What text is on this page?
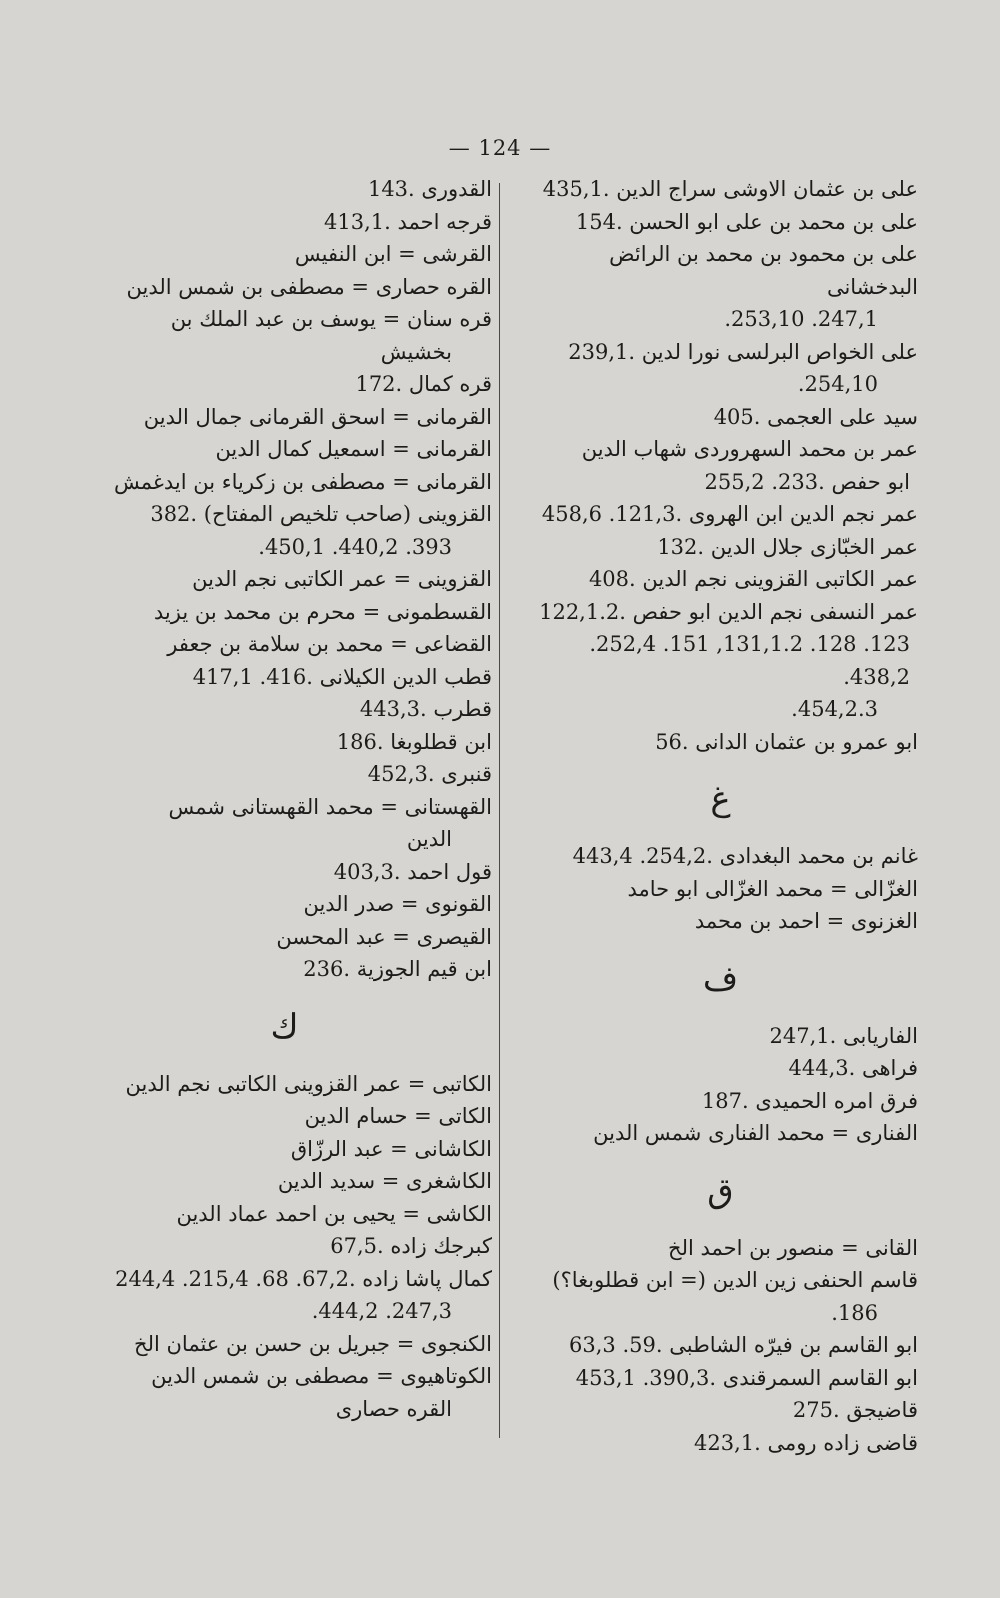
— 124 —
على بن عثمان الاوشى سراج الدين .435,1
على بن محمد بن على ابو الحسن .154
على بن محمود بن محمد بن الرائض البدخشانى
247,1. 253,10.
على الخواص البرلسى نورا لدين .239,1
254,10.
سيد على العجمى .405
عمر بن محمد السهروردى شهاب الدين
ابو حفص .233. 255,2
عمر نجم الدين ابن الهروى .121,3. 458,6
عمر الخبّازى جلال الدين .132
عمر الكاتبى القزوينى نجم الدين .408
عمر النسفى نجم الدين ابو حفص .122,1.2
123. 128. 131,1.2, 151. 252,4. 438,2.
454,2.3.
ابو عمرو بن عثمان الدانى .56
غ
غانم بن محمد البغدادى .254,2. 443,4
الغزّالى = محمد الغزّالى ابو حامد
الغزنوى = احمد بن محمد
ف
الفاريابى .247,1
فراهى .444,3
فرق امره الحميدى .187
الفنارى = محمد الفنارى شمس الدين
ق
القانى = منصور بن احمد الخ
قاسم الحنفى زين الدين (= ابن قطلوبغا؟)
186.
ابو القاسم بن فيرّه الشاطبى .59. 63,3
ابو القاسم السمرقندى .390,3. 453,1
قاضيجق .275
قاضى زاده رومى .423,1
القدورى .143
قرجه احمد .413,1
القرشى = ابن النفيس
القره حصارى = مصطفى بن شمس الدين
قره سنان = يوسف بن عبد الملك بن
بخشيش
قره كمال .172
القرمانى = اسحق القرمانى جمال الدين
القرمانى = اسمعيل كمال الدين
القرمانى = مصطفى بن زكرياء بن ايدغمش
القزوينى (صاحب تلخيص المفتاح) .382
393. 440,2. 450,1.
القزوينى = عمر الكاتبى نجم الدين
القسطمونى = محرم بن محمد بن يزيد
القضاعى = محمد بن سلامة بن جعفر
قطب الدين الكيلانى .416. 417,1
قطرب .443,3
ابن قطلوبغا .186
قنبرى .452,3
القهستانى = محمد القهستانى شمس
الدين
قول احمد .403,3
القونوى = صدر الدين
القيصرى = عبد المحسن
ابن قيم الجوزية .236
ك
الكاتبى = عمر القزوينى الكاتبى نجم الدين
الكاتى = حسام الدين
الكاشانى = عبد الرزّاق
الكاشغرى = سديد الدين
الكاشى = يحيى بن احمد عماد الدين
كبرجك زاده .67,5
كمال پاشا زاده .67,2. 68. 215,4. 244,4
247,3. 444,2.
الكنجوى = جبريل بن حسن بن عثمان الخ
الكوتاهيوى = مصطفى بن شمس الدين
القره حصارى
